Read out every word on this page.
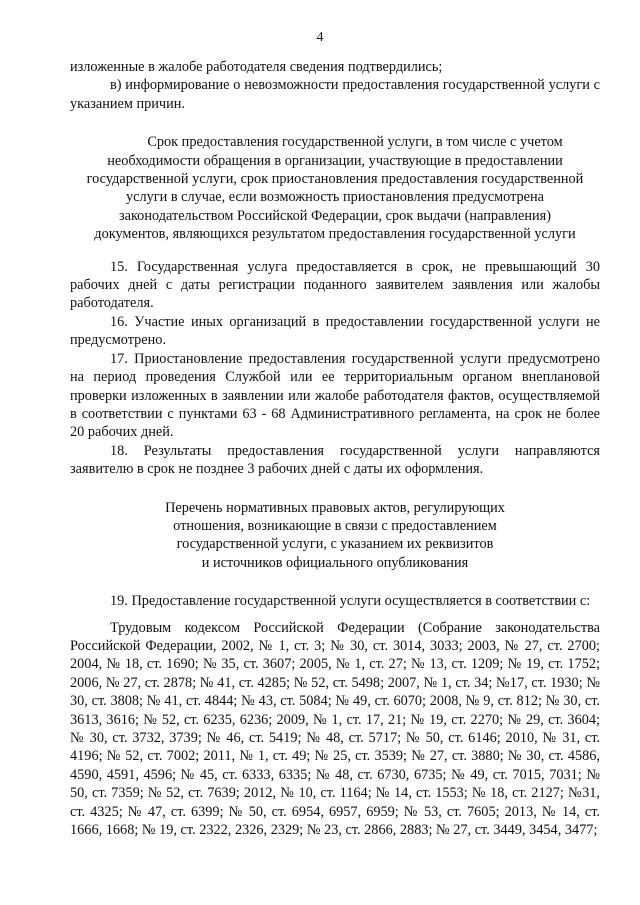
4

изложенные в жалобе работодателя сведения подтвердились;

в) информирование о невозможности предоставления государственной услуги с указанием причин.

Срок предоставления государственной услуги, в том числе с учетом

необходимости обращения в организации, участвующие в предоставлении

государственной услуги, срок приостановления предоставления государственной

услуги в случае, если возможность приостановления предусмотрена

законодательством Российской Федерации, срок выдачи (направления)

документов, являющихся результатом предоставления государственной услуги

15. Государственная услуга предоставляется в срок, не превышающий 30 рабочих дней с даты регистрации поданного заявителем заявления или жалобы работодателя.

16. Участие иных организаций в предоставлении государственной услуги не предусмотрено.

17. Приостановление предоставления государственной услуги предусмотрено на период проведения Службой или ее территориальным органом внеплановой проверки изложенных в заявлении или жалобе работодателя фактов, осуществляемой в соответствии с пунктами 63 - 68 Административного регламента, на срок не более 20 рабочих дней.

18. Результаты предоставления государственной услуги направляются заявителю в срок не позднее 3 рабочих дней с даты их оформления.

Перечень нормативных правовых актов, регулирующих

отношения, возникающие в связи с предоставлением

государственной услуги, с указанием их реквизитов

и источников официального опубликования

19. Предоставление государственной услуги осуществляется в соответствии с:

Трудовым кодексом Российской Федерации (Собрание законодательства Российской Федерации, 2002, № 1, ст. 3; № 30, ст. 3014, 3033; 2003, № 27, ст. 2700; 2004, № 18, ст. 1690; № 35, ст. 3607; 2005, № 1, ст. 27; № 13, ст. 1209; № 19, ст. 1752; 2006, № 27, ст. 2878; № 41, ст. 4285; № 52, ст. 5498; 2007, № 1, ст. 34; №17, ст. 1930; № 30, ст. 3808; № 41, ст. 4844; № 43, ст. 5084; № 49, ст. 6070; 2008, № 9, ст. 812; № 30, ст. 3613, 3616; № 52, ст. 6235, 6236; 2009, № 1, ст. 17, 21; № 19, ст. 2270; № 29, ст. 3604; № 30, ст. 3732, 3739; № 46, ст. 5419; № 48, ст. 5717; № 50, ст. 6146; 2010, № 31, ст. 4196; № 52, ст. 7002; 2011, № 1, ст. 49; № 25, ст. 3539; № 27, ст. 3880; № 30, ст. 4586, 4590, 4591, 4596; № 45, ст. 6333, 6335; № 48, ст. 6730, 6735; № 49, ст. 7015, 7031; № 50, ст. 7359; № 52, ст. 7639; 2012, № 10, ст. 1164; № 14, ст. 1553; № 18, ст. 2127; №31, ст. 4325; № 47, ст. 6399; № 50, ст. 6954, 6957, 6959; № 53, ст. 7605; 2013, № 14, ст. 1666, 1668; № 19, ст. 2322, 2326, 2329; № 23, ст. 2866, 2883; № 27, ст. 3449, 3454, 3477;
